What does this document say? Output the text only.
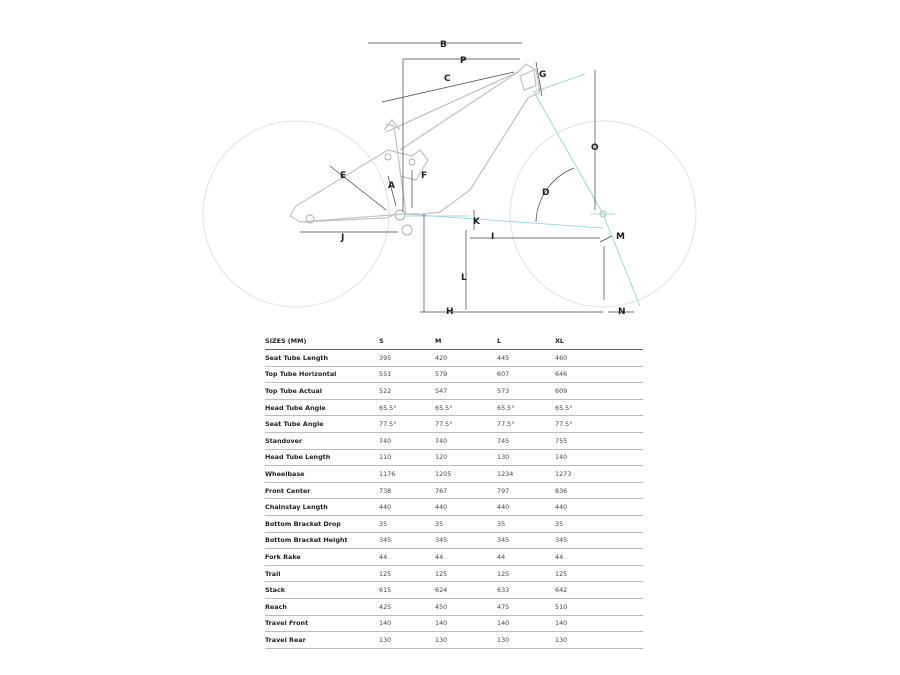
A
B
C
D
E	F
G
H
I
J
K
L
M
N
O
P
SIZES (MM)	S	M	L	XL
Seat Tube Length	395	420	445	460
Top Tube Horizontal	551	579	607	646
Top Tube Actual	522	547	573	609
Head Tube Angle	65.5°	65.5°	65.5°	65.5°
Seat Tube Angle	77.5°	77.5°	77.5°	77.5°
Standover	740	740	745	755
Head Tube Length	110	120	130	140
Wheelbase	1176	1205	1234	1273
Front Center	738	767	797	836
Chainstay Length	440	440	440	440
Bottom Bracket Drop	35	35	35	35
Bottom Bracket Height	345	345	345	345
Fork Rake	44	44	44	44
Trail	125	125	125	125
Stack	615	624	633	642
Reach	425	450	475	510
Travel Front	140	140	140	140
Travel Rear	130	130	130	130
